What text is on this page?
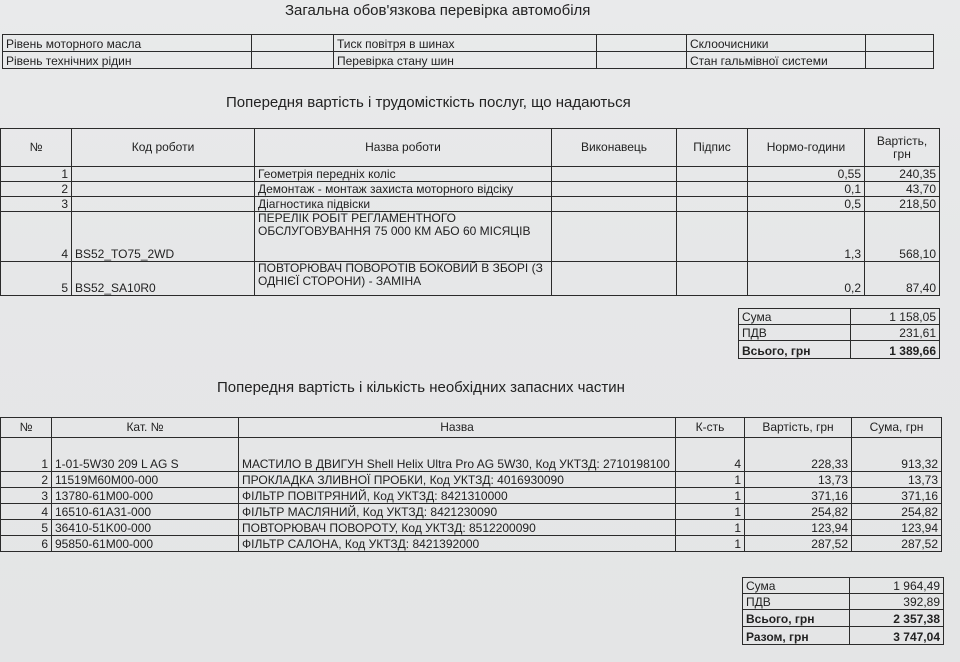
Загальна обов'язкова перевірка автомобіля
Рівень моторного масла		Тиск повітря в шинах		Склоочисники	
Рівень технічних рідин		Перевірка стану шин		Стан гальмівної системи	
Попередня вартість і трудомісткість послуг, що надаються
№	Код роботи	Назва роботи	Виконавець	Підпис	Нормо-години	Вартість, грн
1		Геометрія передніх коліс			0,55	240,35
2		Демонтаж - монтаж захиста моторного відсіку			0,1	43,70
3		Діагностика підвіски			0,5	218,50
4	BS52_TO75_2WD	ПЕРЕЛІК РОБІТ РЕГЛАМЕНТНОГО ОБСЛУГОВУВАННЯ 75 000 КМ АБО 60 МІСЯЦІВ			1,3	568,10
5	BS52_SA10R0	ПОВТОРЮВАЧ ПОВОРОТІВ БОКОВИЙ В ЗБОРІ (З ОДНІЄЇ СТОРОНИ) - ЗАМІНА			0,2	87,40
Сума	1 158,05
ПДВ	231,61
Всього, грн	1 389,66
Попередня вартість і кількість необхідних запасних частин
№	Кат. №	Назва	К-сть	Вартість, грн	Сума, грн
1	1-01-5W30 209 L AG S	МАСТИЛО В ДВИГУН Shell Helix Ultra Pro AG 5W30, Код УКТЗД: 2710198100	4	228,33	913,32
2	11519M60M00-000	ПРОКЛАДКА ЗЛИВНОЇ ПРОБКИ, Код УКТЗД: 4016930090	1	13,73	13,73
3	13780-61M00-000	ФІЛЬТР ПОВІТРЯНИЙ, Код УКТЗД: 8421310000	1	371,16	371,16
4	16510-61A31-000	ФІЛЬТР МАСЛЯНИЙ, Код УКТЗД: 8421230090	1	254,82	254,82
5	36410-51K00-000	ПОВТОРЮВАЧ ПОВОРОТУ, Код УКТЗД: 8512200090	1	123,94	123,94
6	95850-61M00-000	ФІЛЬТР САЛОНА, Код УКТЗД: 8421392000	1	287,52	287,52
Сума	1 964,49
ПДВ	392,89
Всього, грн	2 357,38
Разом, грн	3 747,04
